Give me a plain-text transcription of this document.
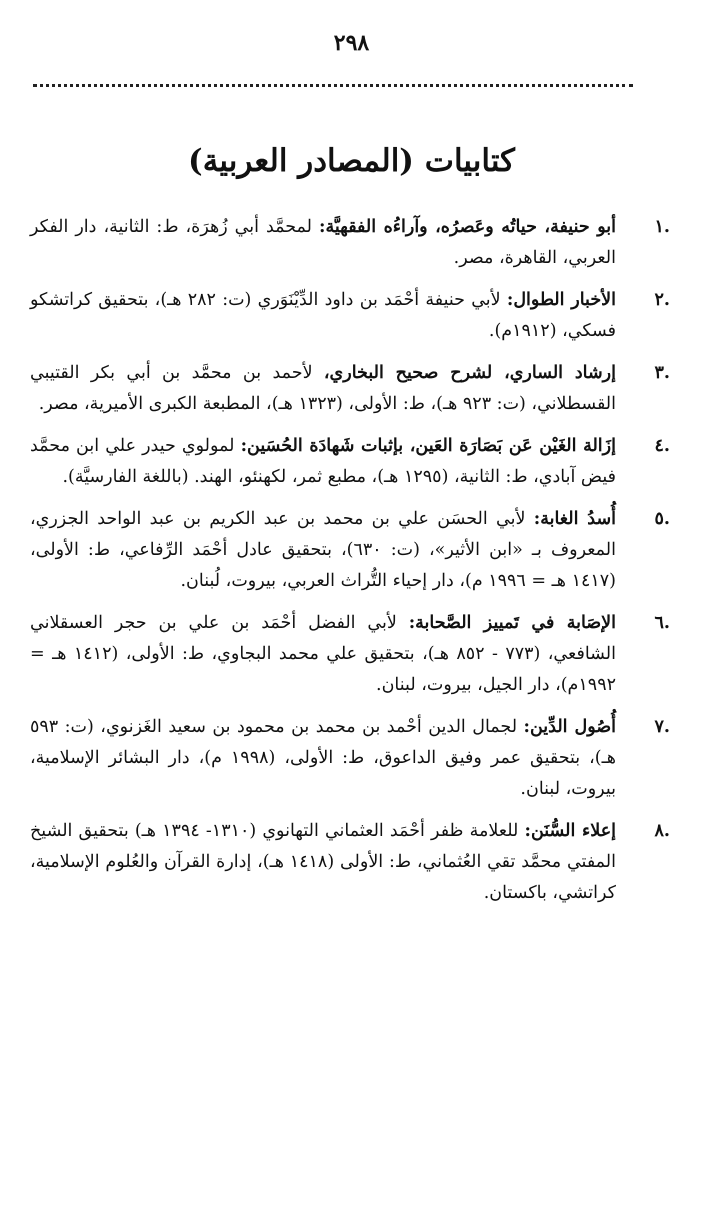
٢٩٨
كتابيات (المصادر العربية)
.١
أبو حنيفة، حياتُه وعَصرُه، وآراءُه الفقهيَّة: لمحمَّد أبي زُهرَة، ط: الثانية، دار الفكر العربي، القاهرة، مصر.
.٢
الأخبار الطوال: لأبي حنيفة أحْمَد بن داود الدِّيْنَوَري (ت: ٢٨٢ هـ)، بتحقيق كراتشكو فسكي، (١٩١٢م).
.٣
إرشاد الساري، لشرح صحيح البخاري، لأحمد بن محمَّد بن أبي بكر القتيبي القسطلاني، (ت: ٩٢٣ هـ)، ط: الأولى، (١٣٢٣ هـ)، المطبعة الكبرى الأميرية، مصر.
.٤
إزَالة الغَيْن عَن بَصَارَة العَين، بإثبات شَهادَة الحُسَين: لمولوي حيدر علي ابن محمَّد فيض آبادي، ط: الثانية، (١٢٩٥ هـ)، مطبع ثمر، لكهنئو، الهند. (باللغة الفارسيَّة).
.٥
أُسدُ الغابة: لأبي الحسَن علي بن محمد بن عبد الكريم بن عبد الواحد الجزري، المعروف بـ «ابن الأثير»، (ت: ٦٣٠)، بتحقيق عادل أحْمَد الرِّفاعي، ط: الأولى، (١٤١٧ هـ = ١٩٩٦ م)، دار إحياء التُّراث العربي، بيروت، لُبنان.
.٦
الإصَابة في تَمييز الصَّحابة: لأبي الفضل أحْمَد بن علي بن حجر العسقلاني الشافعي، (٧٧٣ - ٨٥٢ هـ)، بتحقيق علي محمد البجاوي، ط: الأولى، (١٤١٢ هـ = ١٩٩٢م)، دار الجيل، بيروت، لبنان.
.٧
أُصُول الدِّين: لجمال الدين أحْمد بن محمد بن محمود بن سعيد الغَزنوي، (ت: ٥٩٣ هـ)، بتحقيق عمر وفيق الداعوق، ط: الأولى، (١٩٩٨ م)، دار البشائر الإسلامية، بيروت، لبنان.
.٨
إعلاء السُّنَن: للعلامة ظفر أحْمَد العثماني التهانوي (١٣١٠- ١٣٩٤ هـ) بتحقيق الشيخ المفتي محمَّد تقي العُثماني، ط: الأولى (١٤١٨ هـ)، إدارة القرآن والعُلوم الإسلامية، كراتشي، باكستان.
